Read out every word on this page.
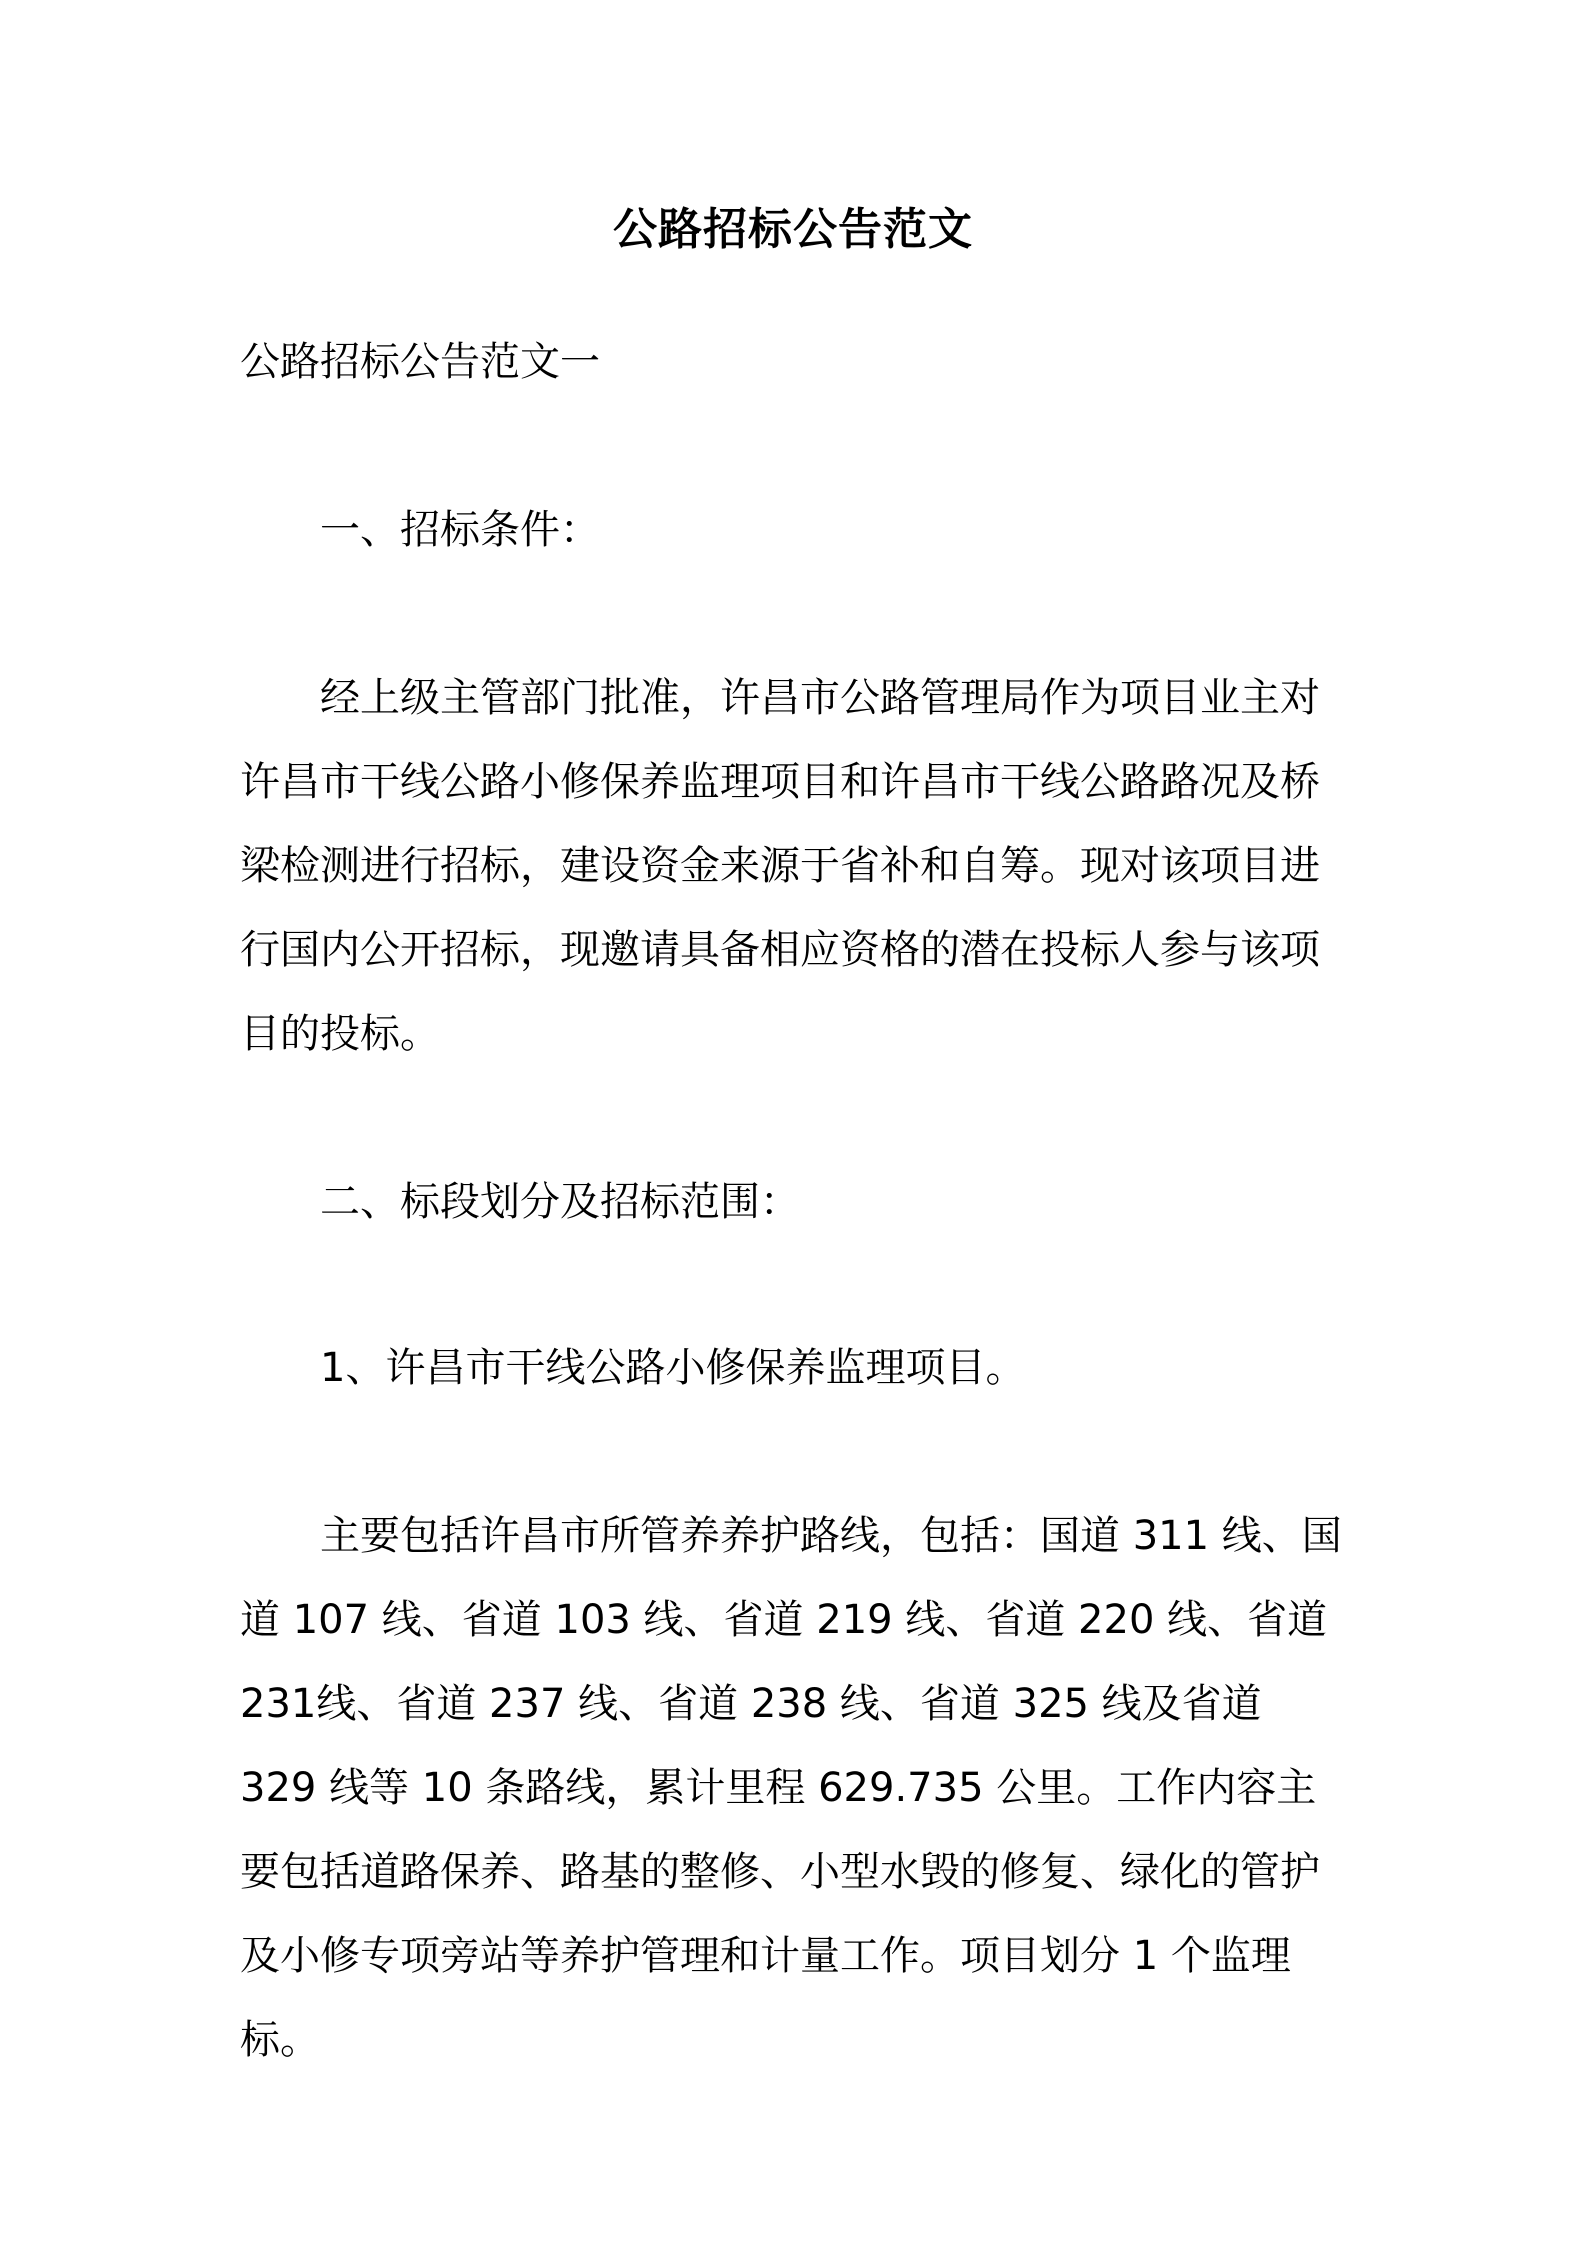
公路招标公告范文

公路招标公告范文一

一、招标条件：

经上级主管部门批准，许昌市公路管理局作为项目业主对许昌市干线公路小修保养监理项目和许昌市干线公路路况及桥梁检测进行招标，建设资金来源于省补和自筹。现对该项目进行国内公开招标，现邀请具备相应资格的潜在投标人参与该项目的投标。

二、标段划分及招标范围：

1、许昌市干线公路小修保养监理项目。

主要包括许昌市所管养养护路线，包括：国道 311 线、国道 107 线、省道 103 线、省道 219 线、省道 220 线、省道 231线、省道 237 线、省道 238 线、省道 325 线及省道 329 线等 10 条路线，累计里程 629.735 公里。工作内容主要包括道路保养、路基的整修、小型水毁的修复、绿化的管护及小修专项旁站等养护管理和计量工作。项目划分 1 个监理标。
